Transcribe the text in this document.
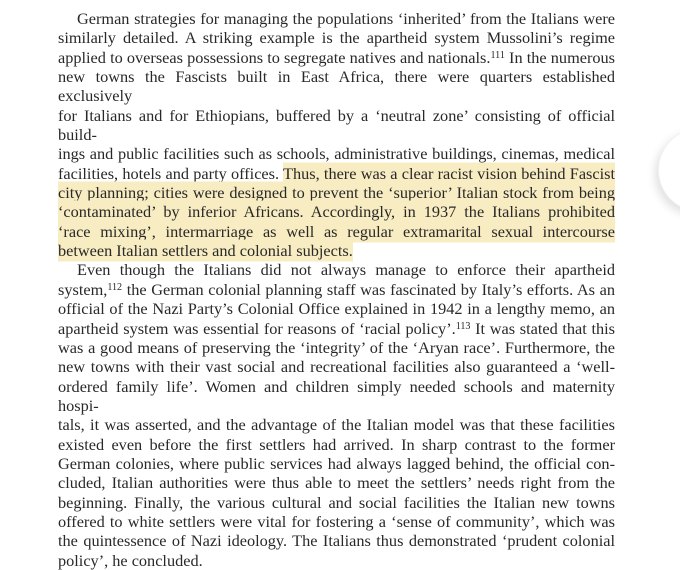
German strategies for managing the populations ‘inherited’ from the Italians were
similarly detailed. A striking example is the apartheid system Mussolini’s regime
applied to overseas possessions to segregate natives and nationals.$^{111}$ In the numerous
new towns the Fascists built in East Africa, there were quarters established exclusively
for Italians and for Ethiopians, buffered by a ‘neutral zone’ consisting of official build-
ings and public facilities such as schools, administrative buildings, cinemas, medical
facilities, hotels and party offices. Thus, there was a clear racist vision behind Fascist
city planning; cities were designed to prevent the ‘superior’ Italian stock from being
‘contaminated’ by inferior Africans. Accordingly, in 1937 the Italians prohibited
‘race mixing’, intermarriage as well as regular extramarital sexual intercourse
between Italian settlers and colonial subjects.
Even though the Italians did not always manage to enforce their apartheid
system,$^{112}$ the German colonial planning staff was fascinated by Italy’s efforts. As an
official of the Nazi Party’s Colonial Office explained in 1942 in a lengthy memo, an
apartheid system was essential for reasons of ‘racial policy’.$^{113}$ It was stated that this
was a good means of preserving the ‘integrity’ of the ‘Aryan race’. Furthermore, the
new towns with their vast social and recreational facilities also guaranteed a ‘well-
ordered family life’. Women and children simply needed schools and maternity hospi-
tals, it was asserted, and the advantage of the Italian model was that these facilities
existed even before the first settlers had arrived. In sharp contrast to the former
German colonies, where public services had always lagged behind, the official con-
cluded, Italian authorities were thus able to meet the settlers’ needs right from the
beginning. Finally, the various cultural and social facilities the Italian new towns
offered to white settlers were vital for fostering a ‘sense of community’, which was
the quintessence of Nazi ideology. The Italians thus demonstrated ‘prudent colonial
policy’, he concluded.
